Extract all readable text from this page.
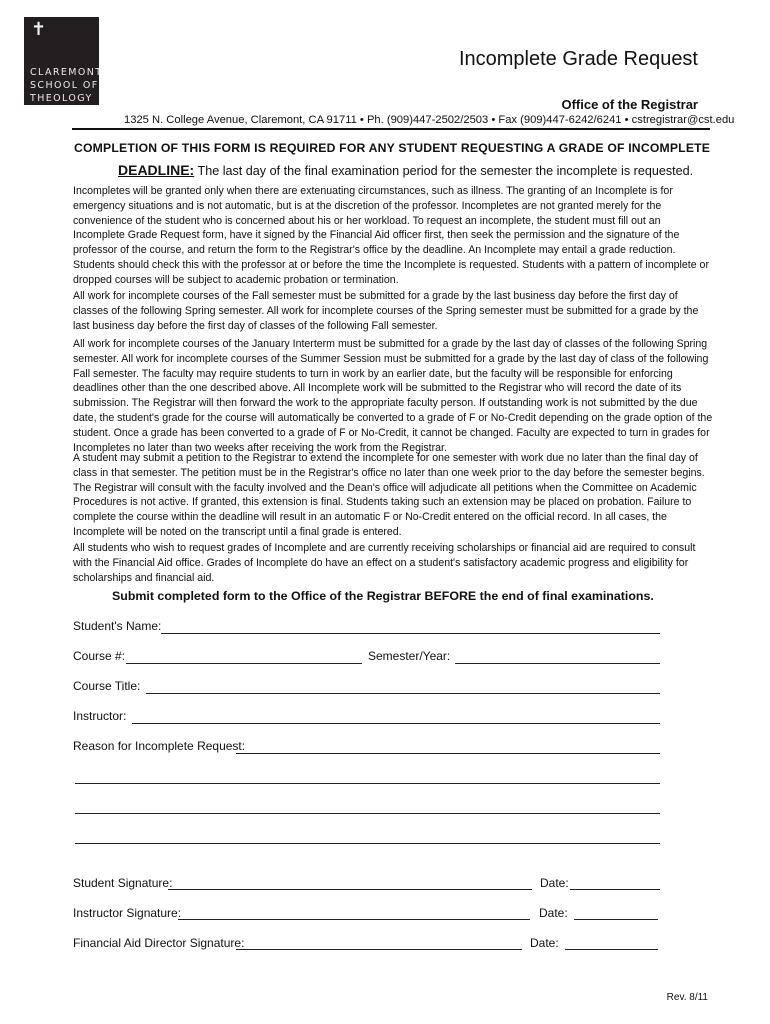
✝
CLAREMONT
SCHOOL OF
THEOLOGY
Incomplete Grade Request
Office of the Registrar
1325 N. College Avenue, Claremont, CA 91711 • Ph. (909)447-2502/2503 • Fax (909)447-6242/6241 • cstregistrar@cst.edu
COMPLETION OF THIS FORM IS REQUIRED FOR ANY STUDENT REQUESTING A GRADE OF INCOMPLETE
DEADLINE: The last day of the final examination period for the semester the incomplete is requested.
Incompletes will be granted only when there are extenuating circumstances, such as illness. The granting of an Incomplete is for emergency situations and is not automatic, but is at the discretion of the professor. Incompletes are not granted merely for the convenience of the student who is concerned about his or her workload. To request an incomplete, the student must fill out an Incomplete Grade Request form, have it signed by the Financial Aid officer first, then seek the permission and the signature of the professor of the course, and return the form to the Registrar's office by the deadline. An Incomplete may entail a grade reduction. Students should check this with the professor at or before the time the Incomplete is requested. Students with a pattern of incomplete or dropped courses will be subject to academic probation or termination.
All work for incomplete courses of the Fall semester must be submitted for a grade by the last business day before the first day of classes of the following Spring semester. All work for incomplete courses of the Spring semester must be submitted for a grade by the last business day before the first day of classes of the following Fall semester.
All work for incomplete courses of the January Interterm must be submitted for a grade by the last day of classes of the following Spring semester. All work for incomplete courses of the Summer Session must be submitted for a grade by the last day of class of the following Fall semester. The faculty may require students to turn in work by an earlier date, but the faculty will be responsible for enforcing deadlines other than the one described above. All Incomplete work will be submitted to the Registrar who will record the date of its submission. The Registrar will then forward the work to the appropriate faculty person. If outstanding work is not submitted by the due date, the student's grade for the course will automatically be converted to a grade of F or No-Credit depending on the grade option of the student. Once a grade has been converted to a grade of F or No-Credit, it cannot be changed. Faculty are expected to turn in grades for Incompletes no later than two weeks after receiving the work from the Registrar.
A student may submit a petition to the Registrar to extend the incomplete for one semester with work due no later than the final day of class in that semester. The petition must be in the Registrar's office no later than one week prior to the day before the semester begins. The Registrar will consult with the faculty involved and the Dean's office will adjudicate all petitions when the Committee on Academic Procedures is not active. If granted, this extension is final. Students taking such an extension may be placed on probation. Failure to complete the course within the deadline will result in an automatic F or No-Credit entered on the official record. In all cases, the Incomplete will be noted on the transcript until a final grade is entered.
All students who wish to request grades of Incomplete and are currently receiving scholarships or financial aid are required to consult with the Financial Aid office. Grades of Incomplete do have an effect on a student's satisfactory academic progress and eligibility for scholarships and financial aid.
Submit completed form to the Office of the Registrar BEFORE the end of final examinations.
Student's Name:
Course #:	Semester/Year:
Course Title:
Instructor:
Reason for Incomplete Request:
Student Signature:	Date:
Instructor Signature:	Date:
Financial Aid Director Signature:	Date:
Rev. 8/11
